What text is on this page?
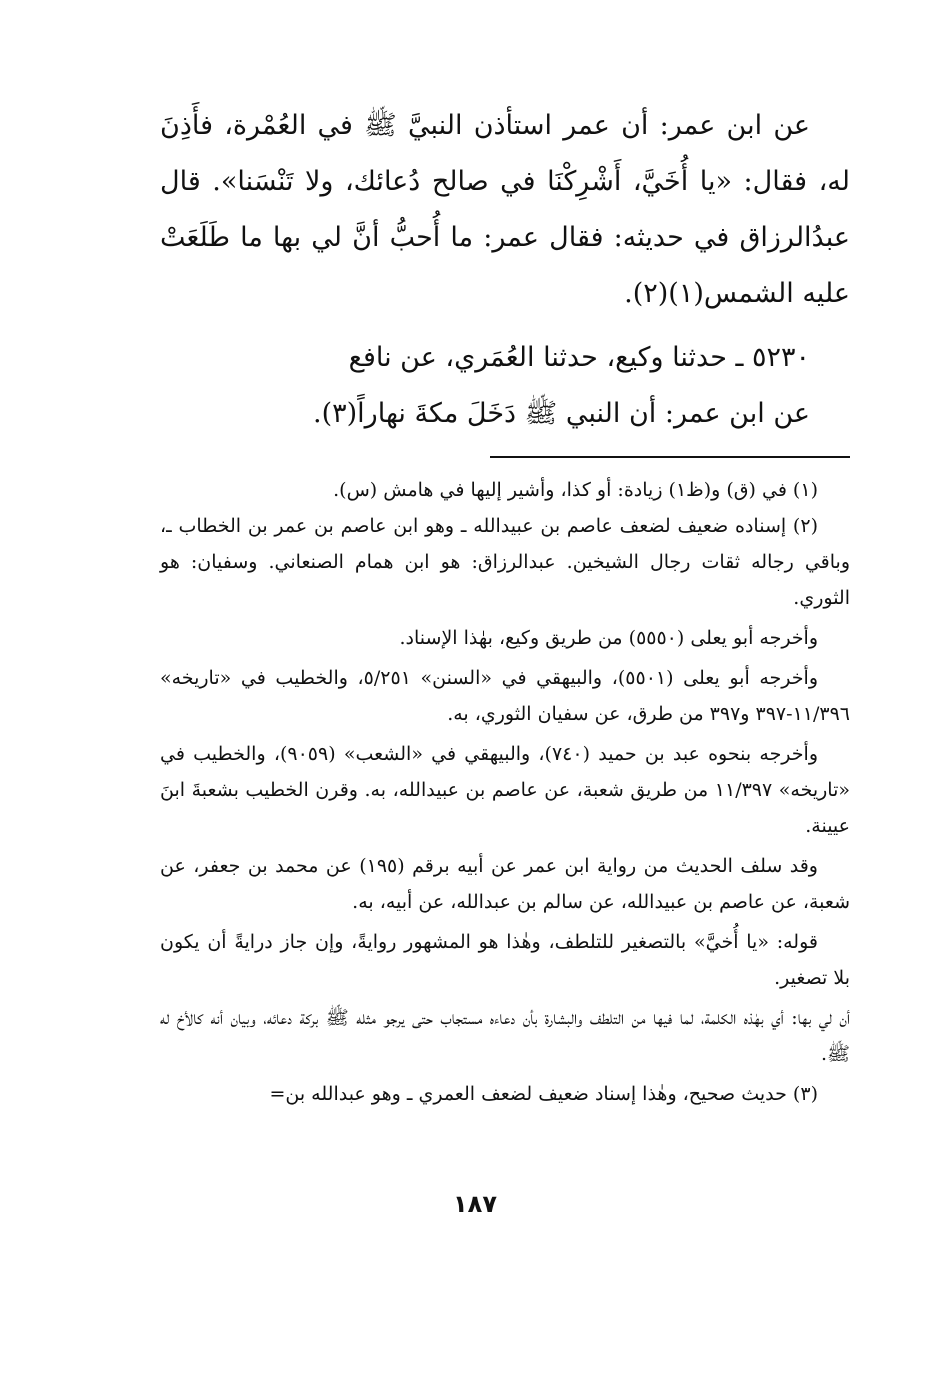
عن ابن عمر: أن عمر استأذن النبيَّ ﷺ في العُمْرة، فأَذِنَ له، فقال: «يا أُخَيَّ، أَشْرِكْنَا في صالح دُعائك، ولا تَنْسَنا». قال عبدُالرزاق في حديثه: فقال عمر: ما أُحبُّ أنَّ لي بها ما طَلَعَتْ عليه الشمس(١)(٢).

٥٢٣٠ ـ حدثنا وكيع، حدثنا العُمَري، عن نافع

عن ابن عمر: أن النبي ﷺ دَخَلَ مكةَ نهاراً(٣).

(١) في (ق) و(ظ١) زيادة: أو كذا، وأشير إليها في هامش (س).

(٢) إسناده ضعيف لضعف عاصم بن عبيدالله ـ وهو ابن عاصم بن عمر بن الخطاب ـ، وباقي رجاله ثقات رجال الشيخين. عبدالرزاق: هو ابن همام الصنعاني. وسفيان: هو الثوري.

وأخرجه أبو يعلى (٥٥٥٠) من طريق وكيع، بهٰذا الإسناد.

وأخرجه أبو يعلى (٥٥٠١)، والبيهقي في «السنن» ٥/٢٥١، والخطيب في «تاريخه» ١١/٣٩٦-٣٩٧ و٣٩٧ من طرق، عن سفيان الثوري، به.

وأخرجه بنحوه عبد بن حميد (٧٤٠)، والبيهقي في «الشعب» (٩٠٥٩)، والخطيب في «تاريخه» ١١/٣٩٧ من طريق شعبة، عن عاصم بن عبيدالله، به. وقرن الخطيب بشعبةَ ابنَ عيينة.

وقد سلف الحديث من رواية ابن عمر عن أبيه برقم (١٩٥) عن محمد بن جعفر، عن شعبة، عن عاصم بن عبيدالله، عن سالم بن عبدالله، عن أبيه، به.

قوله: «يا أُخيَّ» بالتصغير للتلطف، وهٰذا هو المشهور روايةً، وإن جاز درايةً أن يكون بلا تصغير.

أن لي بها: أي بهٰذه الكلمة، لما فيها من التلطف والبشارة بأن دعاءه مستجاب حتى يرجو مثله ﷺ بركة دعائه، وبيان أنه كالأخ له ﷺ.

(٣) حديث صحيح، وهٰذا إسناد ضعيف لضعف العمري ـ وهو عبدالله بن=

١٨٧
